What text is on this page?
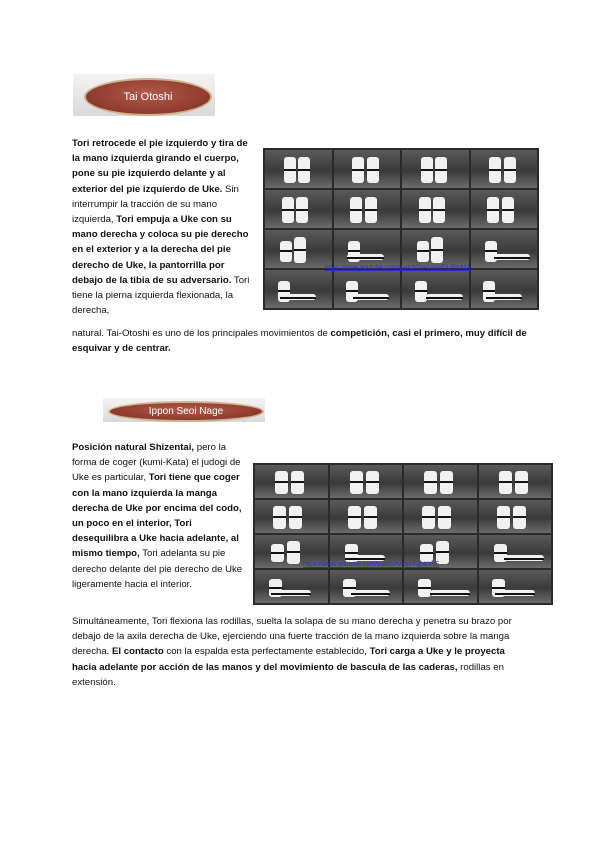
Tai Otoshi

Tori retrocede el pie izquierdo y tira de la mano izquierda girando el cuerpo, pone su pie izquierdo delante y al exterior del pie izquierdo de Uke. Sin interrumpir la tracción de su mano izquierda, Tori empuja a Uke con su mano derecha y coloca su pie derecho en el exterior y a la derecha del pie derecho de Uke, la pantorrilla por debajo de la tibia de su adversario. Tori tiene la pierna izquierda flexionada, la derecha,

https://www.youtube.com/watch?v=1oaeFILRmMA

natural. Tai-Otoshi es uno de los principales movimientos de competición, casi el primero, muy difícil de esquivar y de centrar.

Ippon Seoi Nage

Posición natural Shizentai, pero la forma de coger (kumi-Kata) el judogi de Uke es particular, Tori tiene que coger con la mano izquierda la manga derecha de Uke por encima del codo, un poco en el interior, Tori desequilibra a Uke hacia adelante, al mismo tiempo, Tori adelanta su pie derecho delante del pie derecho de Uke ligeramente hacia el interior.

https://www.youtube.com/watch?v=bvTup4lXvE

Simultáneamente, Tori flexiona las rodillas, suelta la solapa de su mano derecha y penetra su brazo por debajo de la axila derecha de Uke, ejerciendo una fuerte tracción de la mano izquierda sobre la manga derecha. El contacto con la espalda esta perfectamente establecido, Tori carga a Uke y le proyecta hacia adelante por acción de las manos y del movimiento de bascula de las caderas, rodillas en extensión.
